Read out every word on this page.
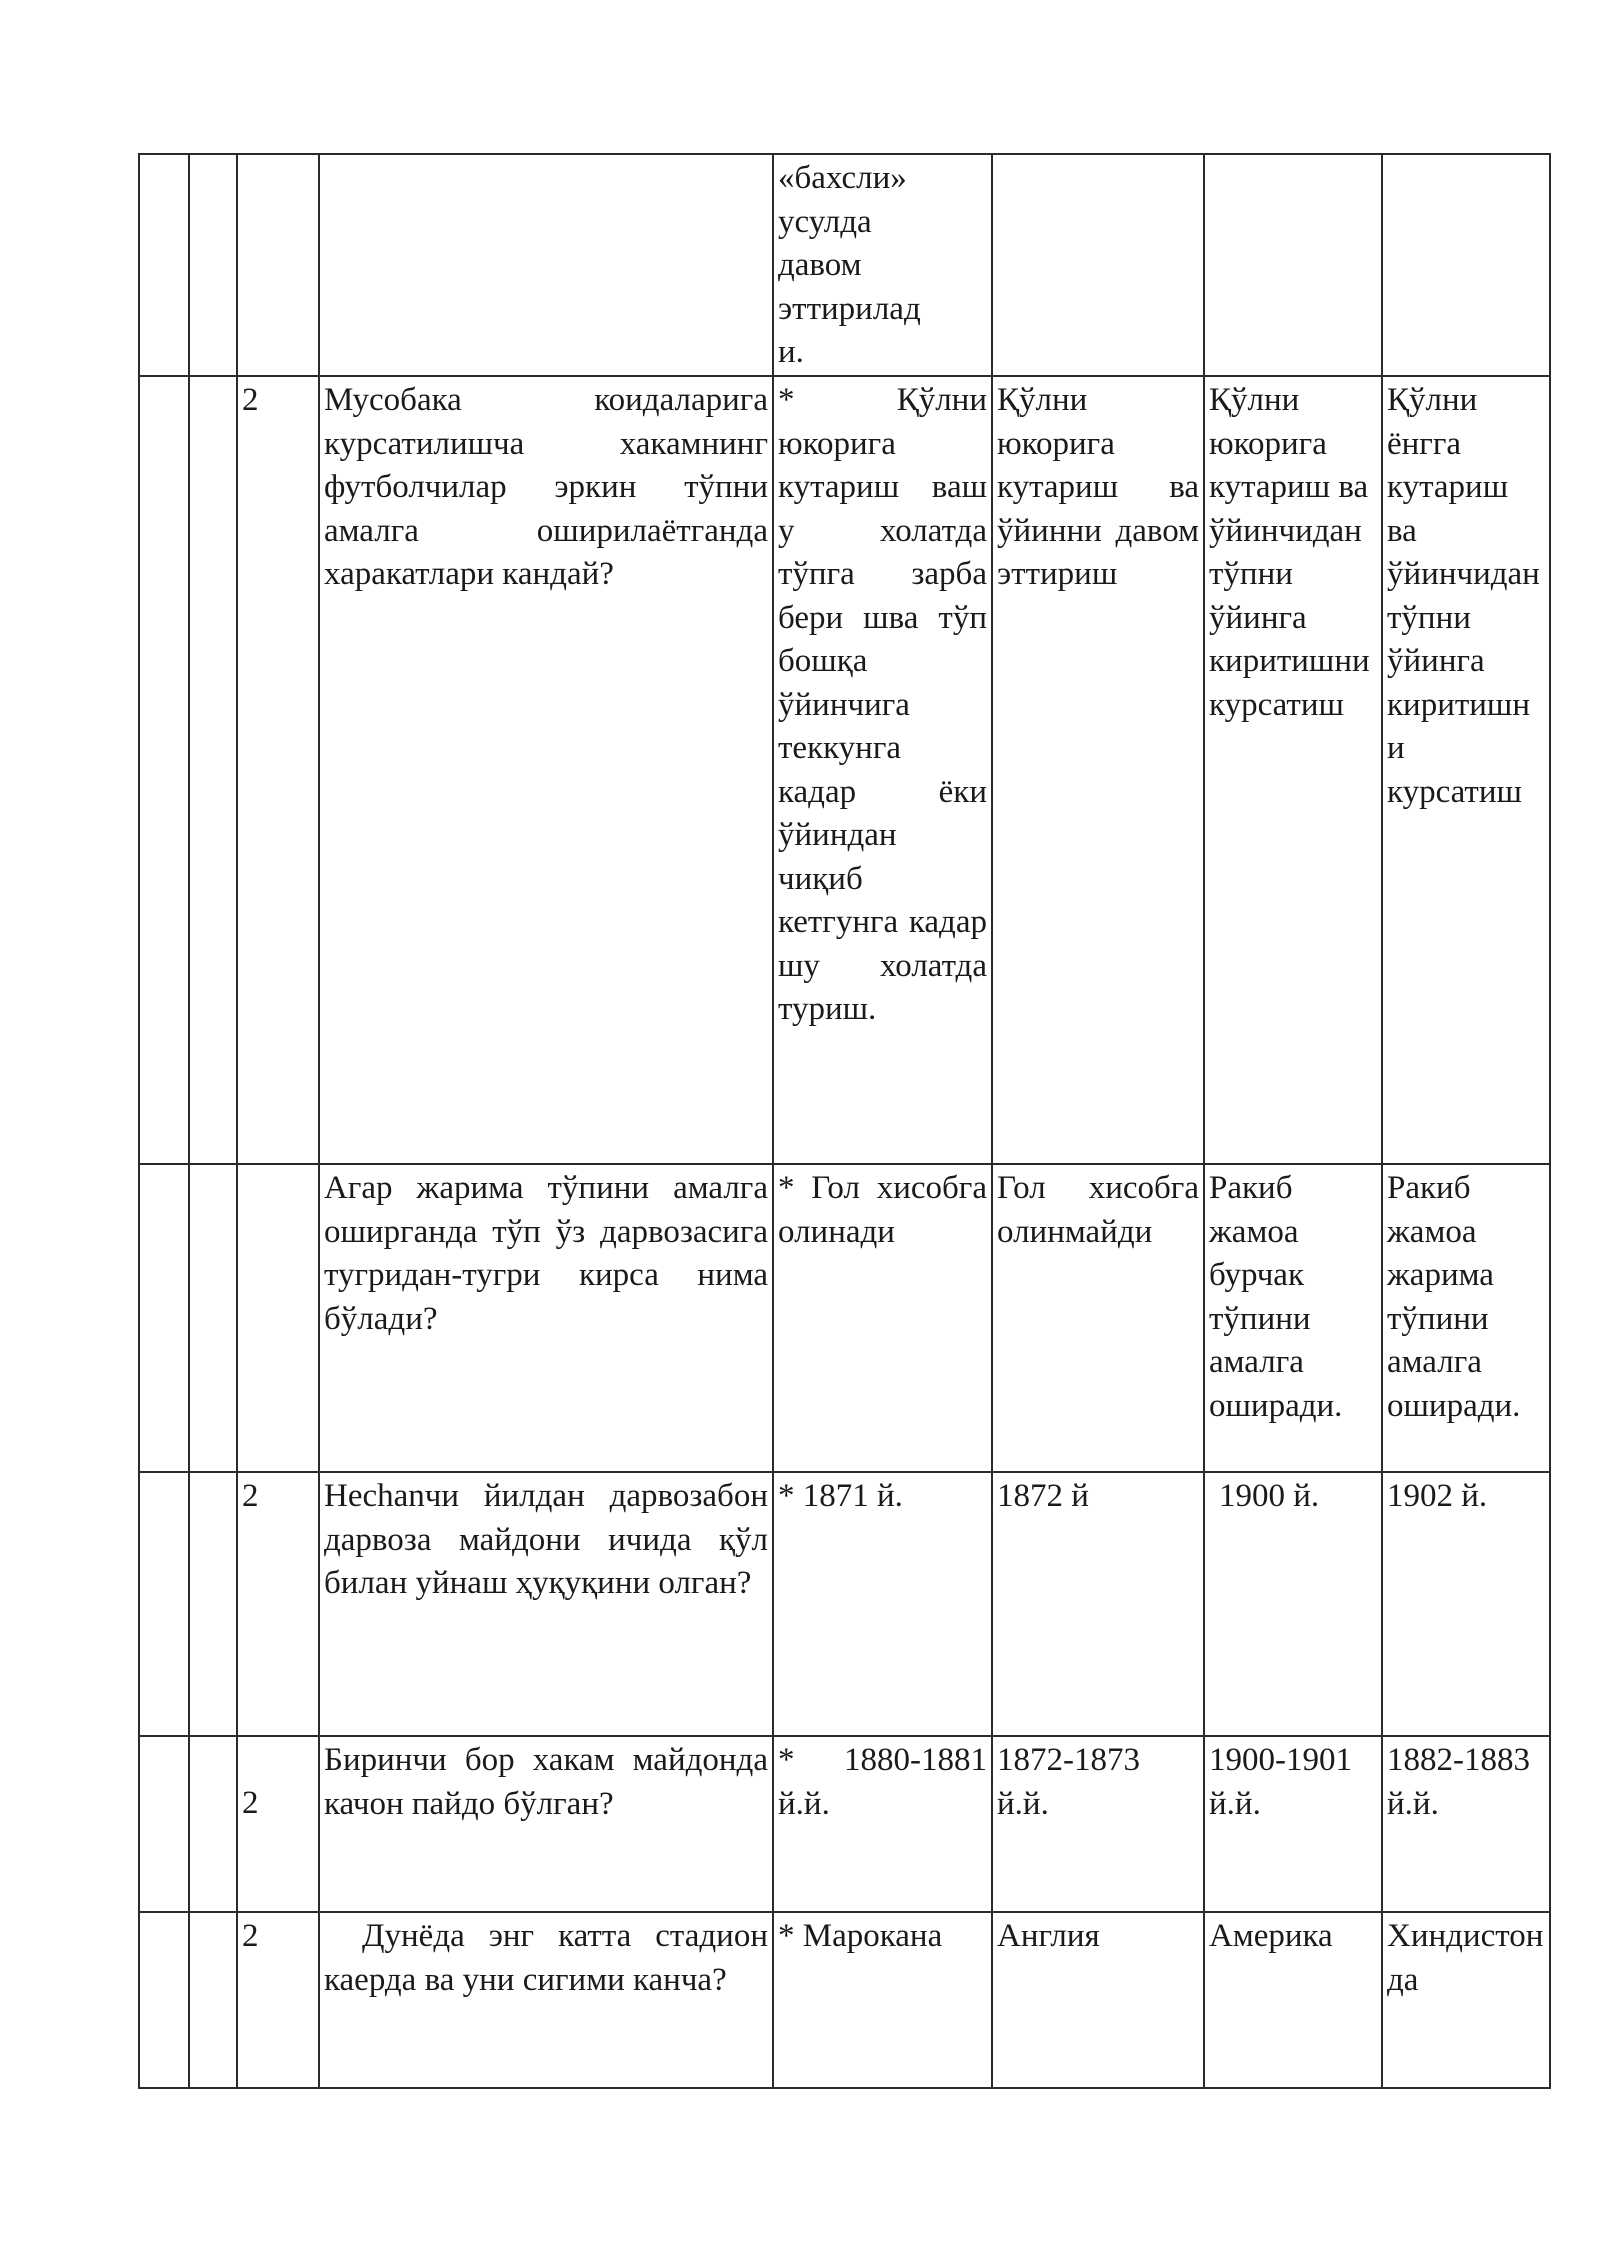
				«бахсли» усулда давом эттирилади.			

		2	Мусобака коидаларига курсатилишча хакамнинг футболчилар эркин тўпни амалга оширилаётганда харакатлари кандай?	* Қўлни юкорига кутариш ваш у холатда тўпга зарба бери шва тўп бошқа ўйинчига теккунга кадар ёки ўйиндан чиқиб кетгунга кадар шу холатда туриш.	Қўлни юкорига кутариш ва ўйинни давом эттириш	Қўлни юкорига кутариш ва ўйинчидан тўпни ўйинга киритишни курсатиш	Қўлни ёнгга кутариш ва ўйинчидан тўпни ўйинга киритишни курсатиш

			Агар жарима тўпини амалга оширганда тўп ўз дарвозасига тугридан-тугри кирса нима бўлади?	* Гол хисобга олинади	Гол хисобга олинмайди	Ракиб жамоа бурчак тўпини амалга оширади.	Ракиб жамоа жарима тўпини амалга оширади.
		2	Неchanчи йилдан дарвозабон дарвоза майдони ичида қўл билан уйнаш ҳуқуқини олган?	* 1871 й.	1872 й	1900 й.	1902 й.
		2	Биринчи бор хакам майдонда качон пайдо бўлган?	* 1880-1881 й.й.	1872-1873 й.й.	1900-1901 й.й.	1882-1883 й.й.
		2	Дунёда энг катта стадион каерда ва уни сигими канча?	* Марокана	Англия	Америка	Хиндистонда
